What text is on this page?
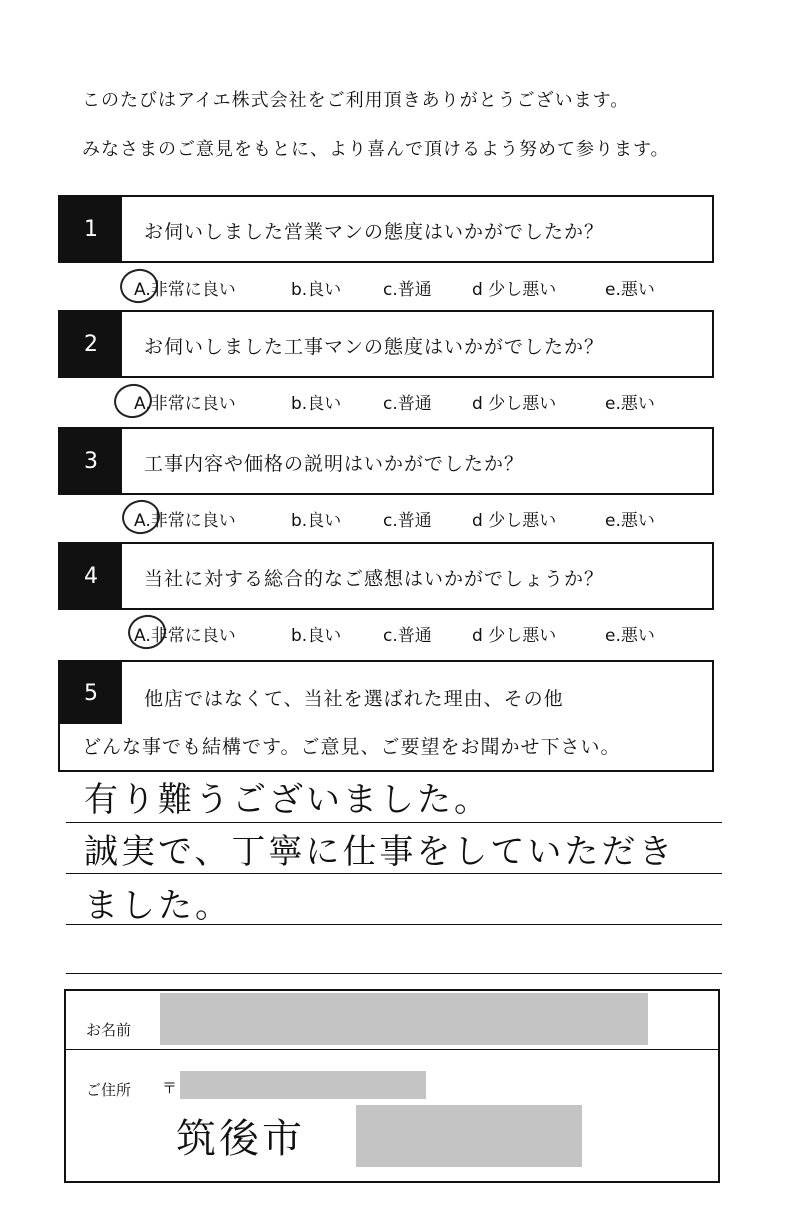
このたびはアイエ株式会社をご利用頂きありがとうございます。
みなさまのご意見をもとに、より喜んで頂けるよう努めて参ります。
1	お伺いしました営業マンの態度はいかがでしたか？
A.非常に良い	b.良い c.普通 d 少し悪い	e.悪い
2	お伺いしました工事マンの態度はいかがでしたか？
A.非常に良い	b.良い c.普通 d 少し悪い	e.悪い
3	工事内容や価格の説明はいかがでしたか？
A.非常に良い	b.良い c.普通 d 少し悪い	e.悪い
4	当社に対する総合的なご感想はいかがでしょうか？
A.非常に良い	b.良い c.普通 d 少し悪い	e.悪い
5	他店ではなくて、当社を選ばれた理由、その他
どんな事でも結構です。ご意見、ご要望をお聞かせ下さい。
有り難うございました。
誠実で、丁寧に仕事をしていただき
ました。
お名前
ご住所 〒
筑後市
